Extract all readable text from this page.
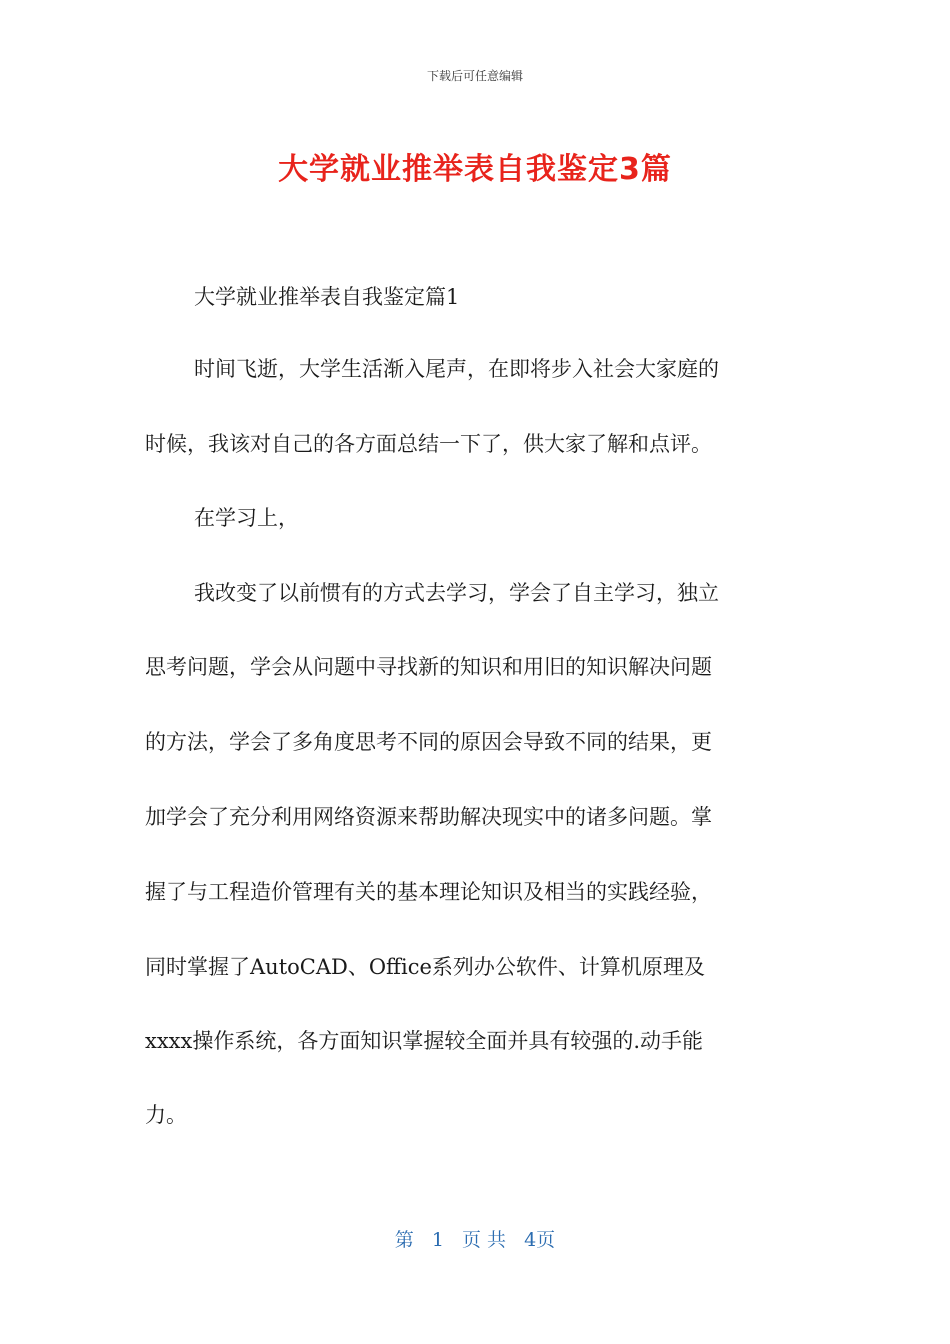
下载后可任意编辑
大学就业推举表自我鉴定3篇

大学就业推举表自我鉴定篇1

时间飞逝，大学生活渐入尾声，在即将步入社会大家庭的

时候，我该对自己的各方面总结一下了，供大家了解和点评。

在学习上，

我改变了以前惯有的方式去学习，学会了自主学习，独立

思考问题，学会从问题中寻找新的知识和用旧的知识解决问题

的方法，学会了多角度思考不同的原因会导致不同的结果，更

加学会了充分利用网络资源来帮助解决现实中的诸多问题。掌

握了与工程造价管理有关的基本理论知识及相当的实践经验，

同时掌握了AutoCAD、Office系列办公软件、计算机原理及

xxxx操作系统，各方面知识掌握较全面并具有较强的.动手能

力。

第 1 页 共 4页
